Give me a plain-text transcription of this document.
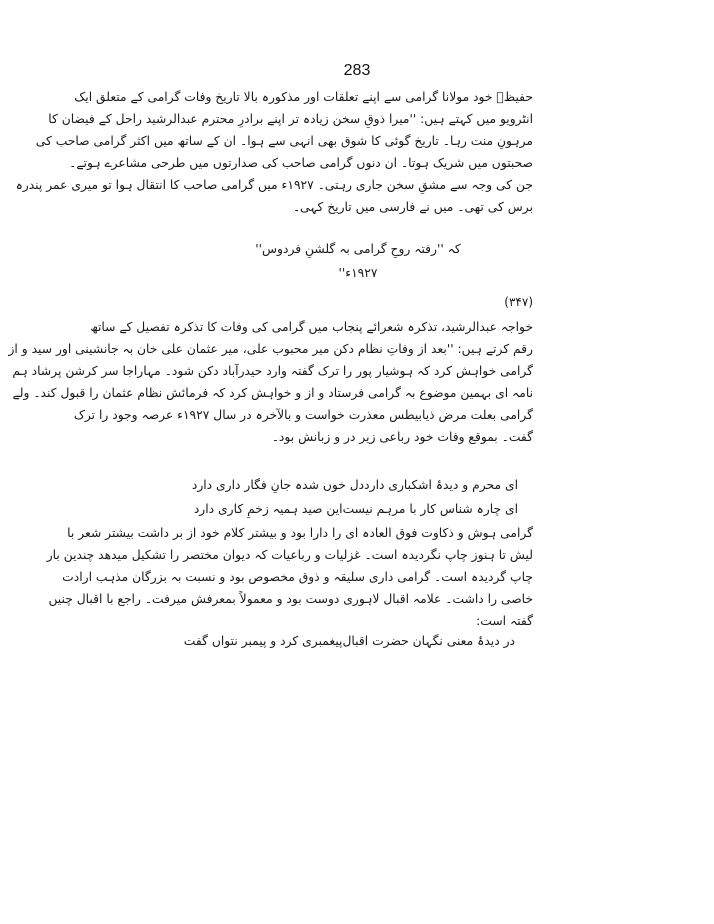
283
حفیظؔ خود مولانا گرامی سے اپنے تعلقات اور مذکورہ بالا تاریخ وفات گرامی کے متعلق ایک
انٹرویو میں کہتے ہیں: ''میرا ذوقِ سخن زیادہ تر اپنے برادرِ محترم عبدالرشید راحل کے فیضان کا
مرہونِ منت رہا۔ تاریخ گوئی کا شوق بھی انہی سے ہوا۔ ان کے ساتھ میں اکثر گرامی صاحب کی
صحبتوں میں شریک ہوتا۔ ان دنوں گرامی صاحب کی صدارتوں میں طرحی مشاعرے ہوتے۔
جن کی وجہ سے مشقِ سخن جاری رہتی۔ ۱۹۲۷ء میں گرامی صاحب کا انتقال ہوا تو میری عمر پندرہ
برس کی تھی۔ میں نے فارسی میں تاریخ کہی۔
کہ ''رفتہ روحِ گرامی بہ گلشنِ فردوس''
۱۹۲۷ء''
(۳۴۷)
خواجہ عبدالرشید، تذکرہ شعرائے پنجاب میں گرامی کی وفات کا تذکرہ تفصیل کے ساتھ
رقم کرتے ہیں: ''بعد از وفاتِ نظام دکن میر محبوب علی، میر عثمان علی خان بہ جانشینی اور سید و از
گرامی خواہش کرد کہ ہوشیار پور را ترک گفتہ وارد حیدرآباد دکن شود۔ مہاراجا سر کرشن پرشاد ہم
نامہ ای بہمین موضوع بہ گرامی فرستاد و از و خواہش کرد کہ فرمائش نظام عثمان را قبول کند۔ ولے
گرامی بعلت مرض ذیابیطس معذرت خواست و بالآخرہ در سال ۱۹۲۷ء عرصہ وجود را ترک
گفت۔ بموقع وفات خود رباعی زیر در و زبانش بود۔
ای محرم و دیدۂ اشکباری دارد
دل خوں شدہ جانِ فگار داری دارد
ای چارہ شناس کار با مرہم نیست
این صید ہمیہ زخمِ کاری دارد
گرامی ہوش و ذکاوت فوق العادہ ای را دارا بود و بیشتر کلام خود از بر داشت بیشتر شعر با
لیش تا ہنوز چاپ نگردیدہ است۔ غزلیات و رباعیات کہ دیوان مختصر را تشکیل میدھد چندین بار
چاپ گردیدہ است۔ گرامی داری سلیقہ و ذوق مخصوص بود و نسبت بہ بزرگان مذہب ارادت
خاصی را داشت۔ علامہ اقبال لاہوری دوست بود و معمولاً بمعرفش میرفت۔ راجع با اقبال چنیں
گفتہ است:
در دیدۂ معنی نگہان حضرت اقبال
پیغمبری کرد و پیمبر نتواں گفت
